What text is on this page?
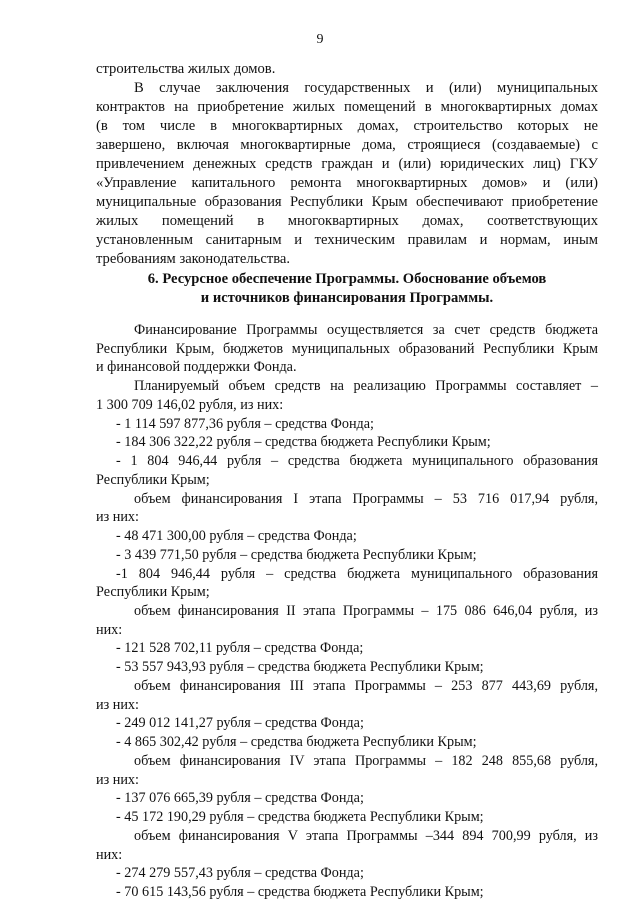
9
строительства жилых домов.
В случае заключения государственных и (или) муниципальных
контрактов на приобретение жилых помещений в многоквартирных домах
(в том числе в многоквартирных домах, строительство которых не
завершено, включая многоквартирные дома, строящиеся (создаваемые) с
привлечением денежных средств граждан и (или) юридических лиц) ГКУ
«Управление капитального ремонта многоквартирных домов» и (или)
муниципальные образования Республики Крым обеспечивают приобретение
жилых помещений в многоквартирных домах, соответствующих
установленным санитарным и техническим правилам и нормам, иным
требованиям законодательства.
6. Ресурсное обеспечение Программы. Обоснование объемов
и источников финансирования Программы.
Финансирование Программы осуществляется за счет средств бюджета
Республики Крым, бюджетов муниципальных образований Республики Крым
и финансовой поддержки Фонда.
Планируемый объем средств на реализацию Программы составляет –
1 300 709 146,02 рубля, из них:
- 1 114 597 877,36 рубля – средства Фонда;
- 184 306 322,22 рубля – средства бюджета Республики Крым;
- 1 804 946,44 рубля – средства бюджета муниципального образования
Республики Крым;
объем финансирования I этапа Программы – 53 716 017,94 рубля,
из них:
- 48 471 300,00 рубля – средства Фонда;
- 3 439 771,50 рубля – средства бюджета Республики Крым;
-1 804 946,44 рубля – средства бюджета муниципального образования
Республики Крым;
объем финансирования II этапа Программы – 175 086 646,04 рубля, из
них:
- 121 528 702,11 рубля – средства Фонда;
- 53 557 943,93 рубля – средства бюджета Республики Крым;
объем финансирования III этапа Программы – 253 877 443,69 рубля,
из них:
- 249 012 141,27 рубля – средства Фонда;
- 4 865 302,42 рубля – средства бюджета Республики Крым;
объем финансирования IV этапа Программы – 182 248 855,68 рубля,
из них:
- 137 076 665,39 рубля – средства Фонда;
- 45 172 190,29 рубля – средства бюджета Республики Крым;
объем финансирования V этапа Программы –344 894 700,99 рубля, из
них:
- 274 279 557,43 рубля – средства Фонда;
- 70 615 143,56 рубля – средства бюджета Республики Крым;
